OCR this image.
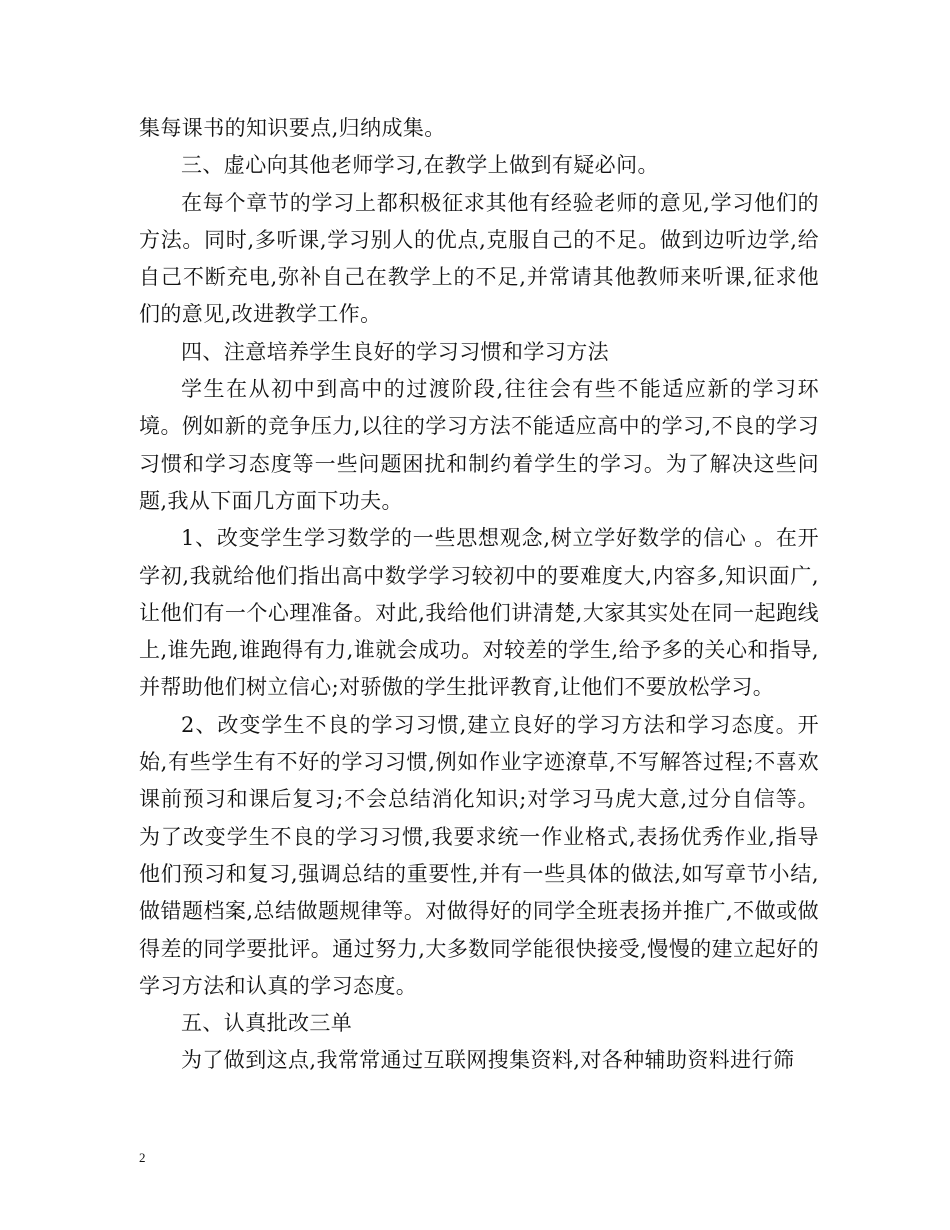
集每课书的知识要点,归纳成集。

三、虚心向其他老师学习,在教学上做到有疑必问。

在每个章节的学习上都积极征求其他有经验老师的意见,学习他们的方法。同时,多听课,学习别人的优点,克服自己的不足。做到边听边学,给自己不断充电,弥补自己在教学上的不足,并常请其他教师来听课,征求他们的意见,改进教学工作。

四、注意培养学生良好的学习习惯和学习方法

学生在从初中到高中的过渡阶段,往往会有些不能适应新的学习环境。例如新的竞争压力,以往的学习方法不能适应高中的学习,不良的学习习惯和学习态度等一些问题困扰和制约着学生的学习。为了解决这些问题,我从下面几方面下功夫。

1、改变学生学习数学的一些思想观念,树立学好数学的信心 。在开学初,我就给他们指出高中数学学习较初中的要难度大,内容多,知识面广,让他们有一个心理准备。对此,我给他们讲清楚,大家其实处在同一起跑线上,谁先跑,谁跑得有力,谁就会成功。对较差的学生,给予多的关心和指导,并帮助他们树立信心;对骄傲的学生批评教育,让他们不要放松学习。

2、改变学生不良的学习习惯,建立良好的学习方法和学习态度。开始,有些学生有不好的学习习惯,例如作业字迹潦草,不写解答过程;不喜欢课前预习和课后复习;不会总结消化知识;对学习马虎大意,过分自信等。为了改变学生不良的学习习惯,我要求统一作业格式,表扬优秀作业,指导他们预习和复习,强调总结的重要性,并有一些具体的做法,如写章节小结,做错题档案,总结做题规律等。对做得好的同学全班表扬并推广,不做或做得差的同学要批评。通过努力,大多数同学能很快接受,慢慢的建立起好的学习方法和认真的学习态度。

五、认真批改三单

为了做到这点,我常常通过互联网搜集资料,对各种辅助资料进行筛

2
